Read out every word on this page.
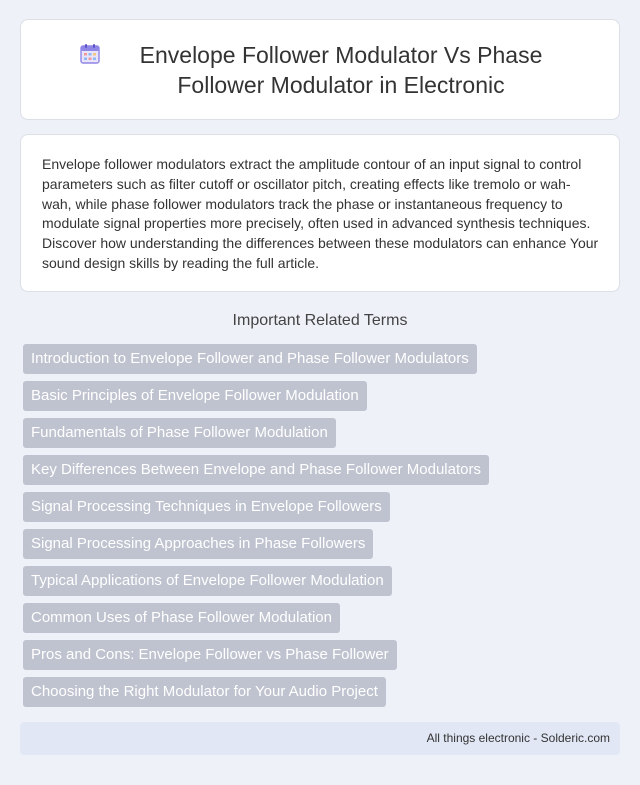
Envelope Follower Modulator Vs Phase Follower Modulator in Electronic

Envelope follower modulators extract the amplitude contour of an input signal to control parameters such as filter cutoff or oscillator pitch, creating effects like tremolo or wah-wah, while phase follower modulators track the phase or instantaneous frequency to modulate signal properties more precisely, often used in advanced synthesis techniques. Discover how understanding the differences between these modulators can enhance Your sound design skills by reading the full article.

Important Related Terms
Introduction to Envelope Follower and Phase Follower Modulators
Basic Principles of Envelope Follower Modulation
Fundamentals of Phase Follower Modulation
Key Differences Between Envelope and Phase Follower Modulators
Signal Processing Techniques in Envelope Followers
Signal Processing Approaches in Phase Followers
Typical Applications of Envelope Follower Modulation
Common Uses of Phase Follower Modulation
Pros and Cons: Envelope Follower vs Phase Follower
Choosing the Right Modulator for Your Audio Project
All things electronic - Solderic.com
